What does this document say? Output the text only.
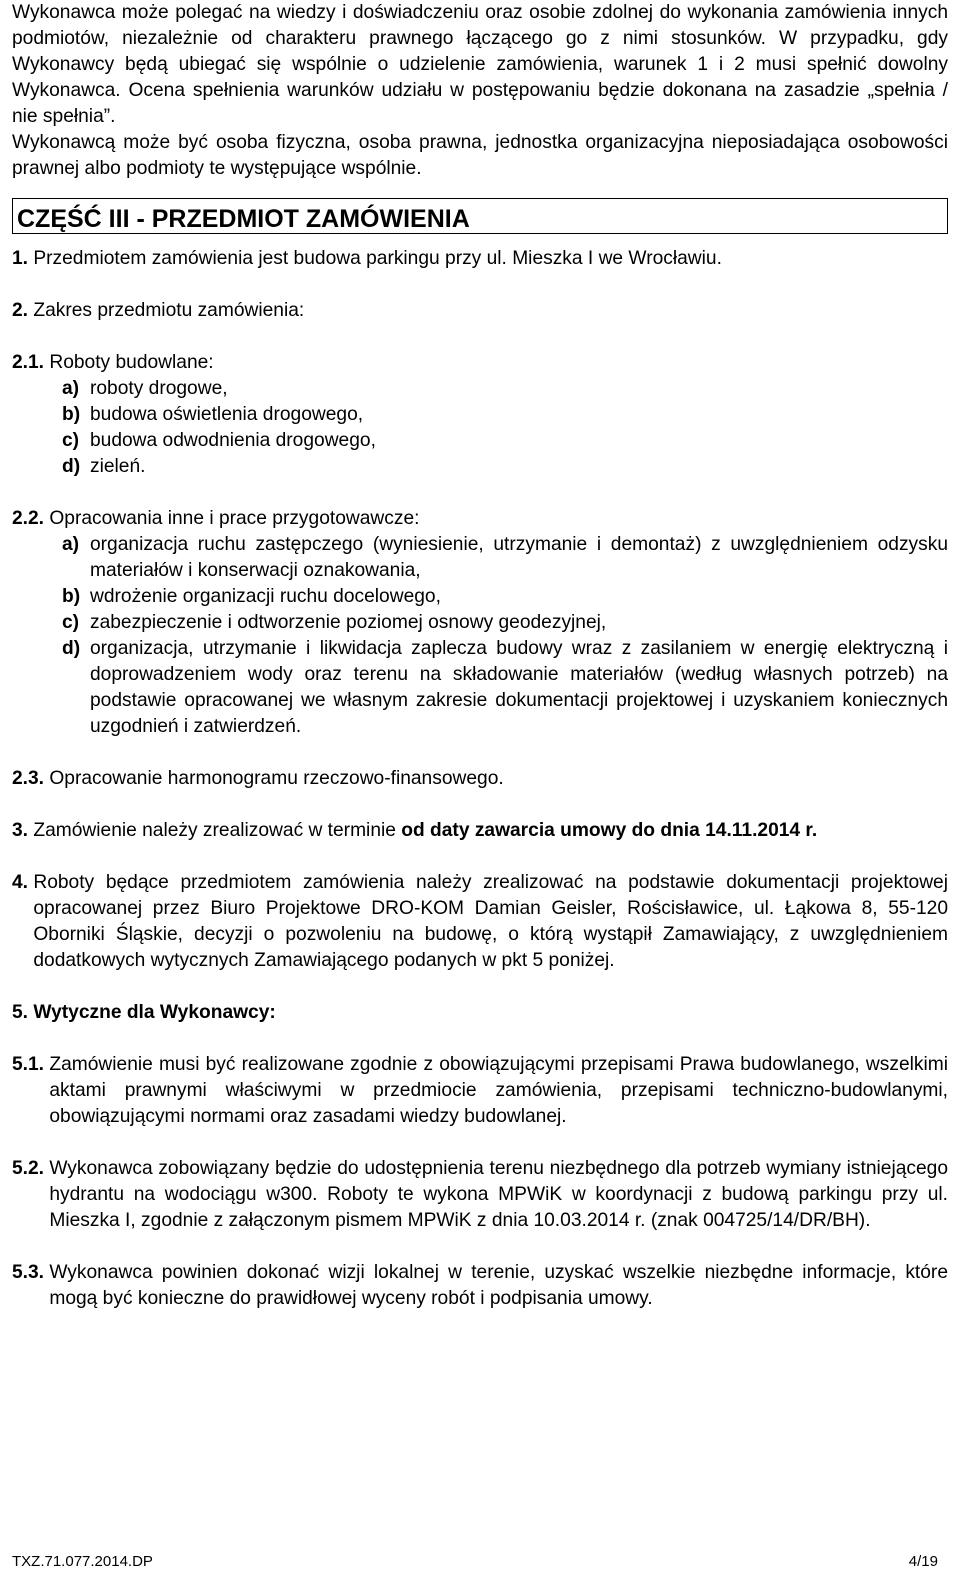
Wykonawca może polegać na wiedzy i doświadczeniu oraz osobie zdolnej do wykonania zamówienia innych podmiotów, niezależnie od charakteru prawnego łączącego go z nimi stosunków. W przypadku, gdy Wykonawcy będą ubiegać się wspólnie o udzielenie zamówienia, warunek 1 i 2 musi spełnić dowolny Wykonawca. Ocena spełnienia warunków udziału w postępowaniu będzie dokonana na zasadzie „spełnia / nie spełnia”.

Wykonawcą może być osoba fizyczna, osoba prawna, jednostka organizacyjna nieposiadająca osobowości prawnej albo podmioty te występujące wspólnie.

CZĘŚĆ III - PRZEDMIOT ZAMÓWIENIA
1.
Przedmiotem zamówienia jest budowa parkingu przy ul. Mieszka I we Wrocławiu.
2.
Zakres przedmiotu zamówienia:
2.1.
Roboty budowlane:
a) roboty drogowe,
b) budowa oświetlenia drogowego,
c) budowa odwodnienia drogowego,
d) zieleń.
2.2.
Opracowania inne i prace przygotowawcze:
a) organizacja ruchu zastępczego (wyniesienie, utrzymanie i demontaż) z uwzględnieniem odzysku materiałów i konserwacji oznakowania,
b) wdrożenie organizacji ruchu docelowego,
c) zabezpieczenie i odtworzenie poziomej osnowy geodezyjnej,
d) organizacja, utrzymanie i likwidacja zaplecza budowy wraz z zasilaniem w energię elektryczną i doprowadzeniem wody oraz terenu na składowanie materiałów (według własnych potrzeb) na podstawie opracowanej we własnym zakresie dokumentacji projektowej i uzyskaniem koniecznych uzgodnień i zatwierdzeń.
2.3.
Opracowanie harmonogramu rzeczowo-finansowego.
3.
Zamówienie należy zrealizować w terminie od daty zawarcia umowy do dnia 14.11.2014 r.
4.
Roboty będące przedmiotem zamówienia należy zrealizować na podstawie dokumentacji projektowej opracowanej przez Biuro Projektowe DRO-KOM Damian Geisler, Rościsławice, ul. Łąkowa 8, 55-120 Oborniki Śląskie, decyzji o pozwoleniu na budowę, o którą wystąpił Zamawiający, z uwzględnieniem dodatkowych wytycznych Zamawiającego podanych w pkt 5 poniżej.
5.
Wytyczne dla Wykonawcy:
5.1.
Zamówienie musi być realizowane zgodnie z obowiązującymi przepisami Prawa budowlanego, wszelkimi aktami prawnymi właściwymi w przedmiocie zamówienia, przepisami techniczno-budowlanymi, obowiązującymi normami oraz zasadami wiedzy budowlanej.
5.2.
Wykonawca zobowiązany będzie do udostępnienia terenu niezbędnego dla potrzeb wymiany istniejącego hydrantu na wodociągu w300. Roboty te wykona MPWiK w koordynacji z budową parkingu przy ul. Mieszka I, zgodnie z załączonym pismem MPWiK z dnia 10.03.2014 r. (znak 004725/14/DR/BH).
5.3.
Wykonawca powinien dokonać wizji lokalnej w terenie, uzyskać wszelkie niezbędne informacje, które mogą być konieczne do prawidłowej wyceny robót i podpisania umowy.
TXZ.71.077.2014.DP	4/19
